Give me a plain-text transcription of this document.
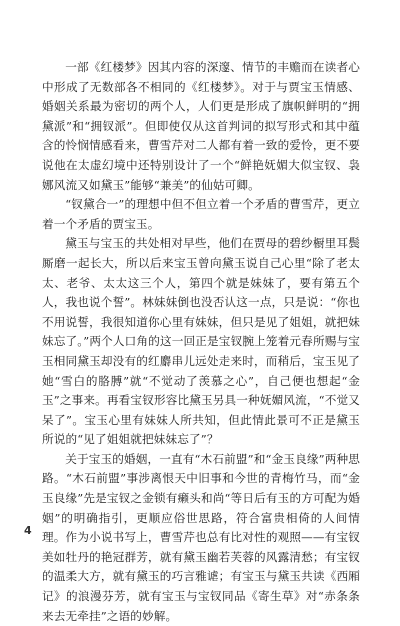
一部《红楼梦》因其内容的深邃、情节的丰赡而在读者心中形成了无数部各不相同的《红楼梦》。对于与贾宝玉情感、婚姻关系最为密切的两个人，人们更是形成了旗帜鲜明的“拥黛派”和“拥钗派”。但即使仅从这首判词的拟写形式和其中蕴含的怜悯情感看来，曹雪芹对二人都有着一致的爱怜，更不要说他在太虚幻境中还特别设计了一个“鲜艳妩媚大似宝钗、袅娜风流又如黛玉”能够“兼美”的仙姑可卿。

“钗黛合一”的理想中但不但立着一个矛盾的曹雪芹，更立着一个矛盾的贾宝玉。

黛玉与宝玉的共处相对早些，他们在贾母的碧纱橱里耳鬓厮磨一起长大，所以后来宝玉曾向黛玉说自己心里“除了老太太、老爷、太太这三个人，第四个就是妹妹了，要有第五个人，我也说个誓”。林妹妹倒也没否认这一点，只是说：“你也不用说誓，我很知道你心里有妹妹，但只是见了姐姐，就把妹妹忘了。”两个人口角的这一回正是宝钗腕上笼着元春所赐与宝玉相同黛玉却没有的红麝串儿远处走来时，而稍后，宝玉见了她“雪白的胳膊”就“不觉动了羡慕之心”，自己便也想起“金玉”之事来。再看宝钗形容比黛玉另具一种妩媚风流，“不觉又呆了”。宝玉心里有妹妹人所共知，但此情此景可不正是黛玉所说的“见了姐姐就把妹妹忘了”？

关于宝玉的婚姻，一直有“木石前盟”和“金玉良缘”两种思路。“木石前盟”事涉离恨天中旧事和今世的青梅竹马，而“金玉良缘”先是宝钗之金锁有癞头和尚“等日后有玉的方可配为婚姻”的明确指引，更顺应俗世思路，符合富贵相倚的人间情理。作为小说书写上，曹雪芹也总有比对性的观照——有宝钗美如牡丹的艳冠群芳，就有黛玉幽若芙蓉的风露清愁；有宝钗的温柔大方，就有黛玉的巧言雅谑；有宝玉与黛玉共读《西厢记》的浪漫芬芳，就有宝玉与宝钗同品《寄生草》对“赤条条来去无牵挂”之语的妙解。

4
